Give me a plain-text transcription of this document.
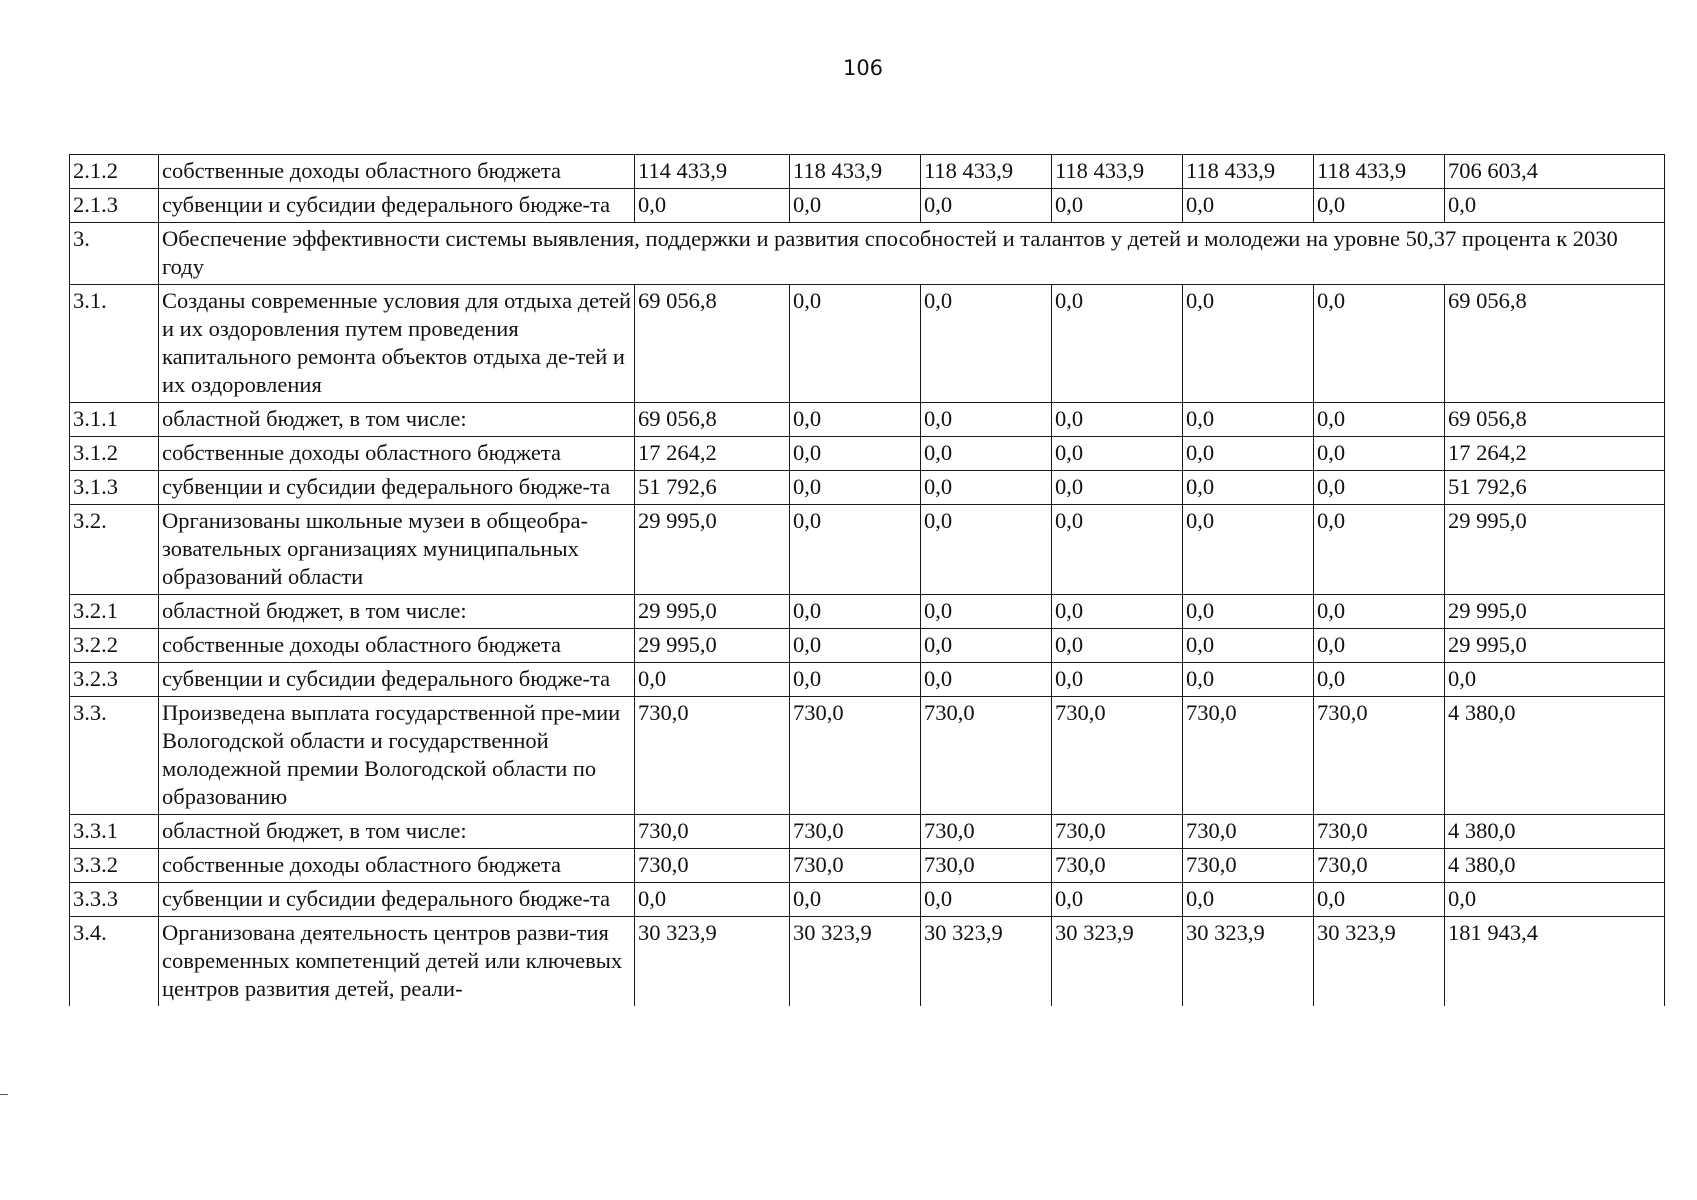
106
2.1.2	собственные доходы областного бюджета	114 433,9	118 433,9	118 433,9	118 433,9	118 433,9	118 433,9	706 603,4
2.1.3	субвенции и субсидии федерального бюдже-та	0,0	0,0	0,0	0,0	0,0	0,0	0,0
3.	Обеспечение эффективности системы выявления, поддержки и развития способностей и талантов у детей и молодежи на уровне 50,37 процента к 2030 году							
3.1.	Созданы современные условия для отдыха детей и их оздоровления путем проведения капитального ремонта объектов отдыха де-тей и их оздоровления	69 056,8	0,0	0,0	0,0	0,0	0,0	69 056,8
3.1.1	областной бюджет, в том числе:	69 056,8	0,0	0,0	0,0	0,0	0,0	69 056,8
3.1.2	собственные доходы областного бюджета	17 264,2	0,0	0,0	0,0	0,0	0,0	17 264,2
3.1.3	субвенции и субсидии федерального бюдже-та	51 792,6	0,0	0,0	0,0	0,0	0,0	51 792,6
3.2.	Организованы школьные музеи в общеобра-зовательных организациях муниципальных образований области	29 995,0	0,0	0,0	0,0	0,0	0,0	29 995,0
3.2.1	областной бюджет, в том числе:	29 995,0	0,0	0,0	0,0	0,0	0,0	29 995,0
3.2.2	собственные доходы областного бюджета	29 995,0	0,0	0,0	0,0	0,0	0,0	29 995,0
3.2.3	субвенции и субсидии федерального бюдже-та	0,0	0,0	0,0	0,0	0,0	0,0	0,0
3.3.	Произведена выплата государственной пре-мии Вологодской области и государственной молодежной премии Вологодской области по образованию	730,0	730,0	730,0	730,0	730,0	730,0	4 380,0
3.3.1	областной бюджет, в том числе:	730,0	730,0	730,0	730,0	730,0	730,0	4 380,0
3.3.2	собственные доходы областного бюджета	730,0	730,0	730,0	730,0	730,0	730,0	4 380,0
3.3.3	субвенции и субсидии федерального бюдже-та	0,0	0,0	0,0	0,0	0,0	0,0	0,0
3.4.	Организована деятельность центров разви-тия современных компетенций детей или ключевых центров развития детей, реали-	30 323,9	30 323,9	30 323,9	30 323,9	30 323,9	30 323,9	181 943,4
